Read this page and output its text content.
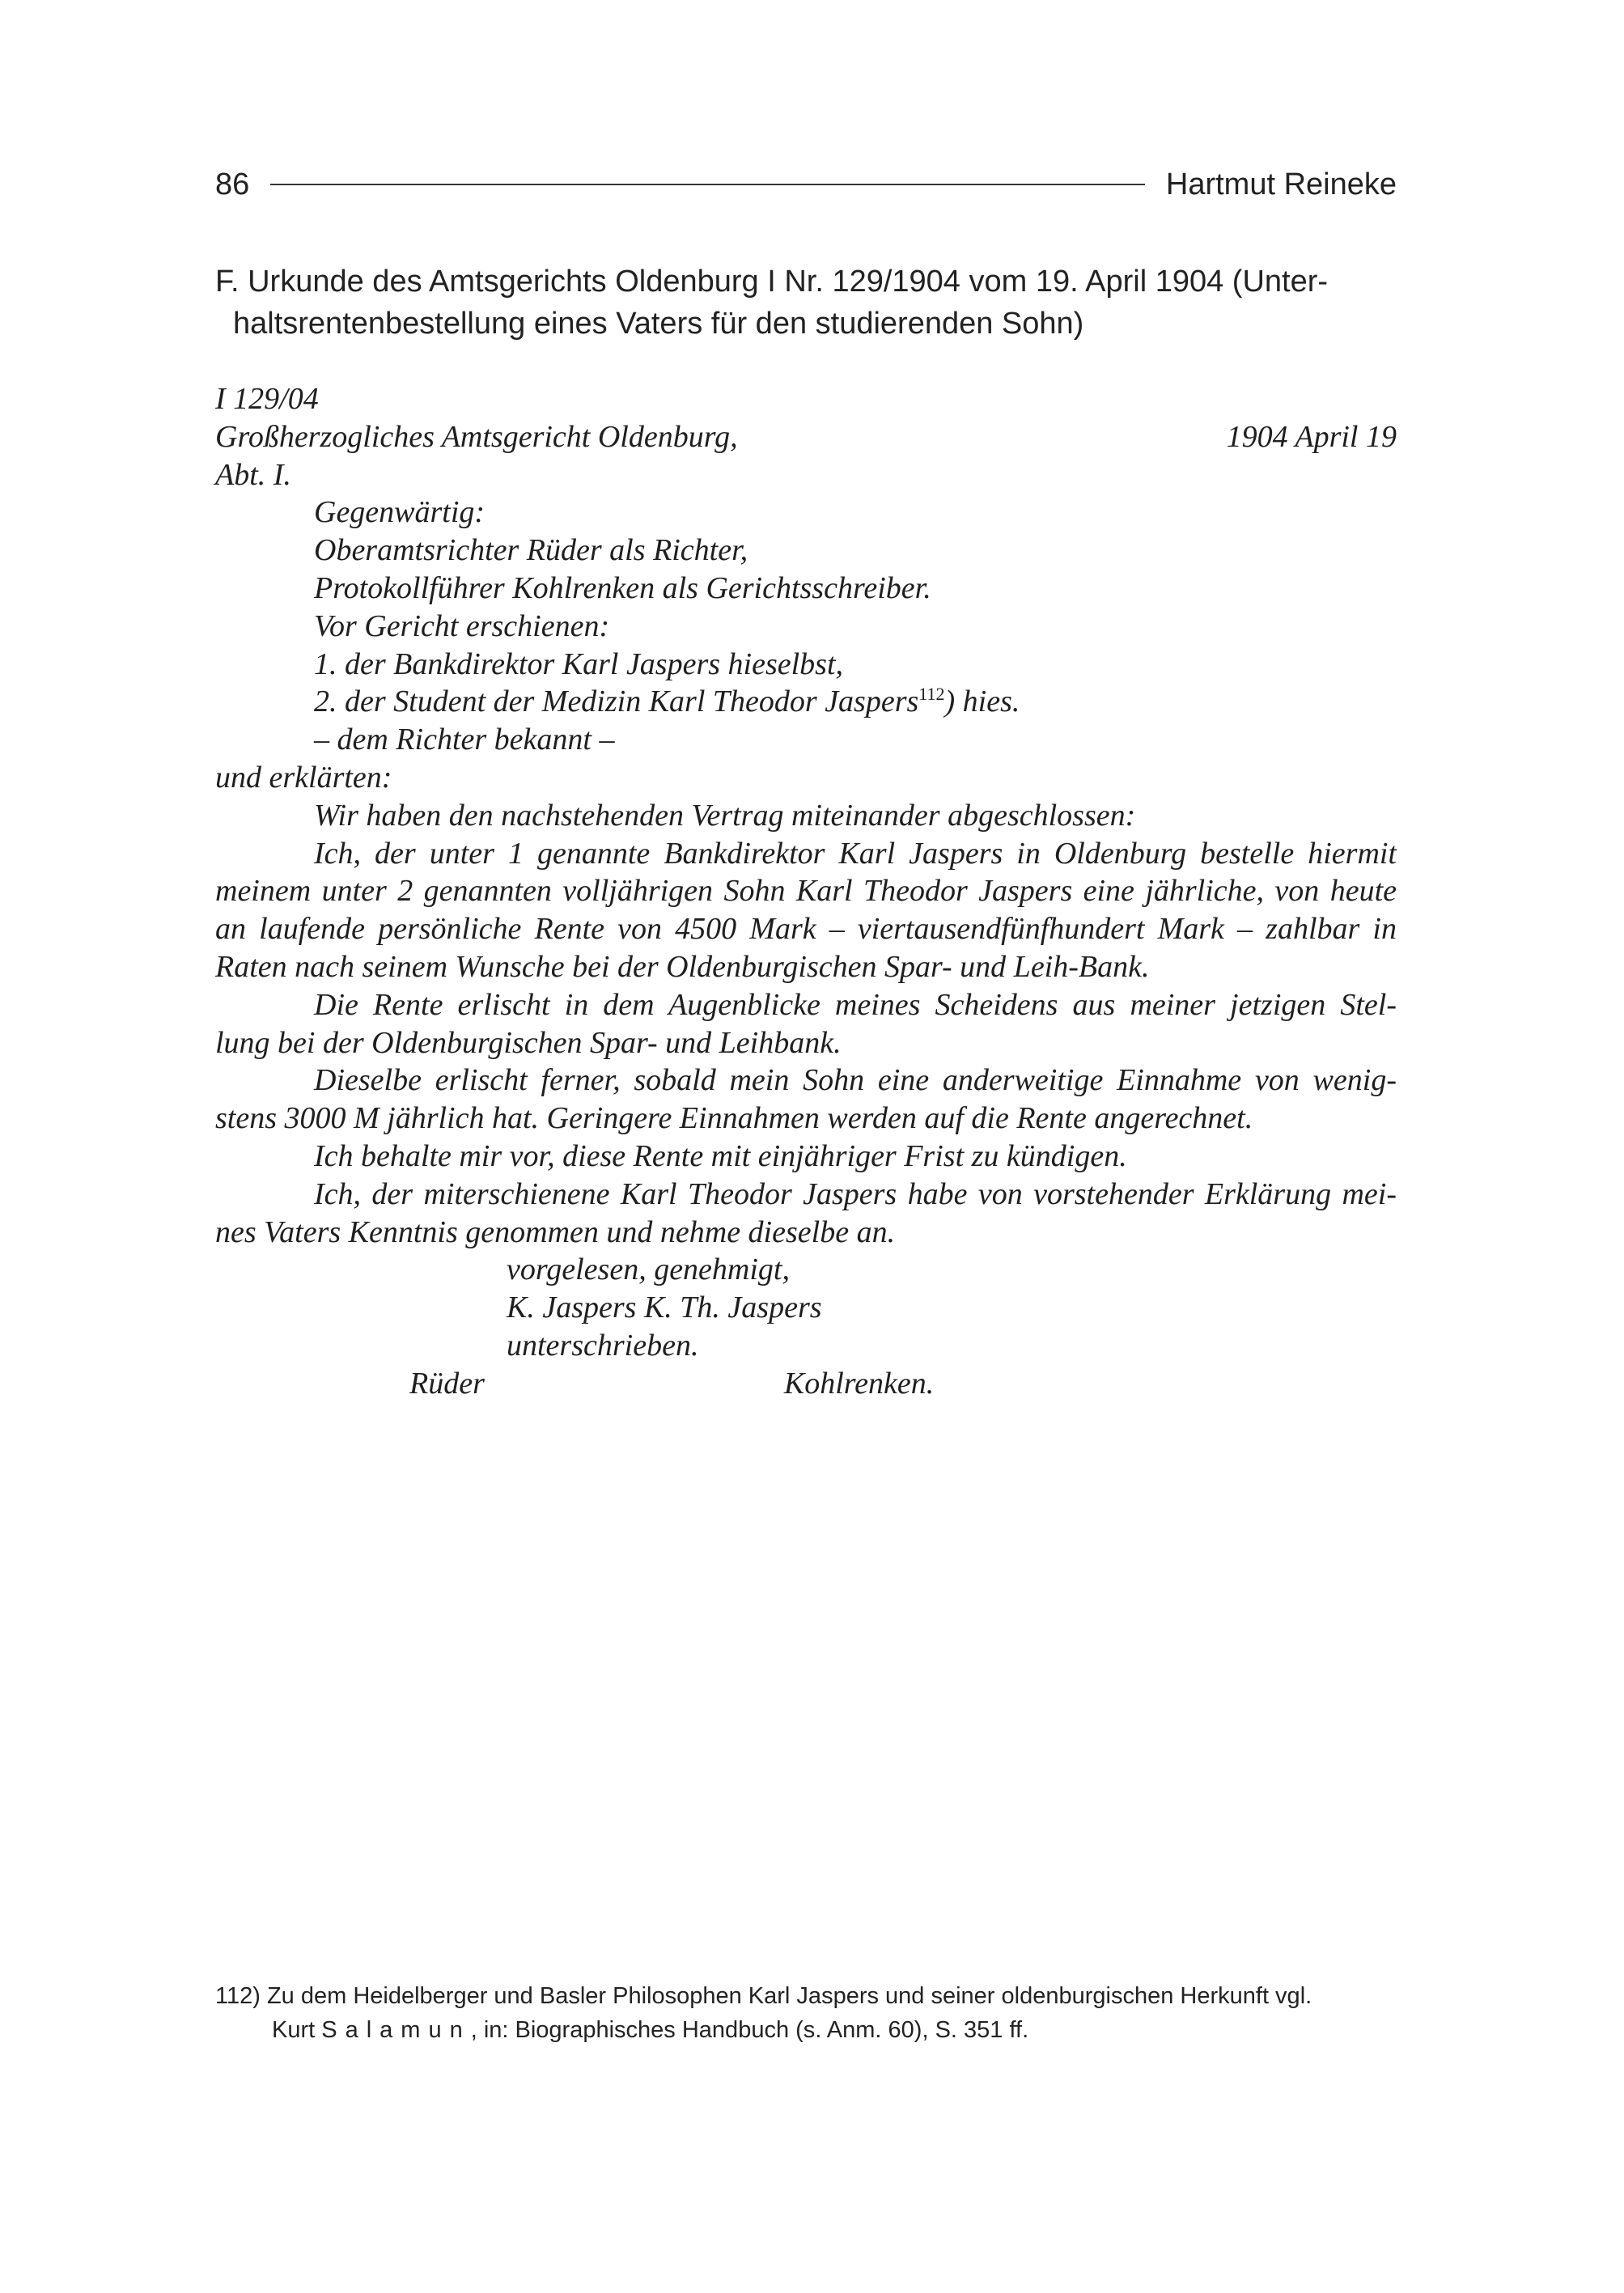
86	Hartmut Reineke
F. Urkunde des Amtsgerichts Oldenburg I Nr. 129/1904 vom 19. April 1904 (Unter-
haltsrentenbestellung eines Vaters für den studierenden Sohn)
I 129/04
Großherzogliches Amtsgericht Oldenburg,	1904 April 19
Abt. I.
Gegenwärtig:
Oberamtsrichter Rüder als Richter,
Protokollführer Kohlrenken als Gerichtsschreiber.
Vor Gericht erschienen:
1. der Bankdirektor Karl Jaspers hieselbst,
2. der Student der Medizin Karl Theodor Jaspers$^{112}$) hies.
– dem Richter bekannt –
und erklärten:
Wir haben den nachstehenden Vertrag miteinander abgeschlossen:
Ich, der unter 1 genannte Bankdirektor Karl Jaspers in Oldenburg bestelle hiermit
meinem unter 2 genannten volljährigen Sohn Karl Theodor Jaspers eine jährliche, von heute
an laufende persönliche Rente von 4500 Mark – viertausendfünfhundert Mark – zahlbar in
Raten nach seinem Wunsche bei der Oldenburgischen Spar- und Leih-Bank.
Die Rente erlischt in dem Augenblicke meines Scheidens aus meiner jetzigen Stel-
lung bei der Oldenburgischen Spar- und Leihbank.
Dieselbe erlischt ferner, sobald mein Sohn eine anderweitige Einnahme von wenig-
stens 3000 M jährlich hat. Geringere Einnahmen werden auf die Rente angerechnet.
Ich behalte mir vor, diese Rente mit einjähriger Frist zu kündigen.
Ich, der miterschienene Karl Theodor Jaspers habe von vorstehender Erklärung mei-
nes Vaters Kenntnis genommen und nehme dieselbe an.
vorgelesen, genehmigt,
K. Jaspers K. Th. Jaspers
unterschrieben.
Rüder	Kohlrenken.
112) Zu dem Heidelberger und Basler Philosophen Karl Jaspers und seiner oldenburgischen Herkunft vgl.
Kurt Salamun, in: Biographisches Handbuch (s. Anm. 60), S. 351 ff.
